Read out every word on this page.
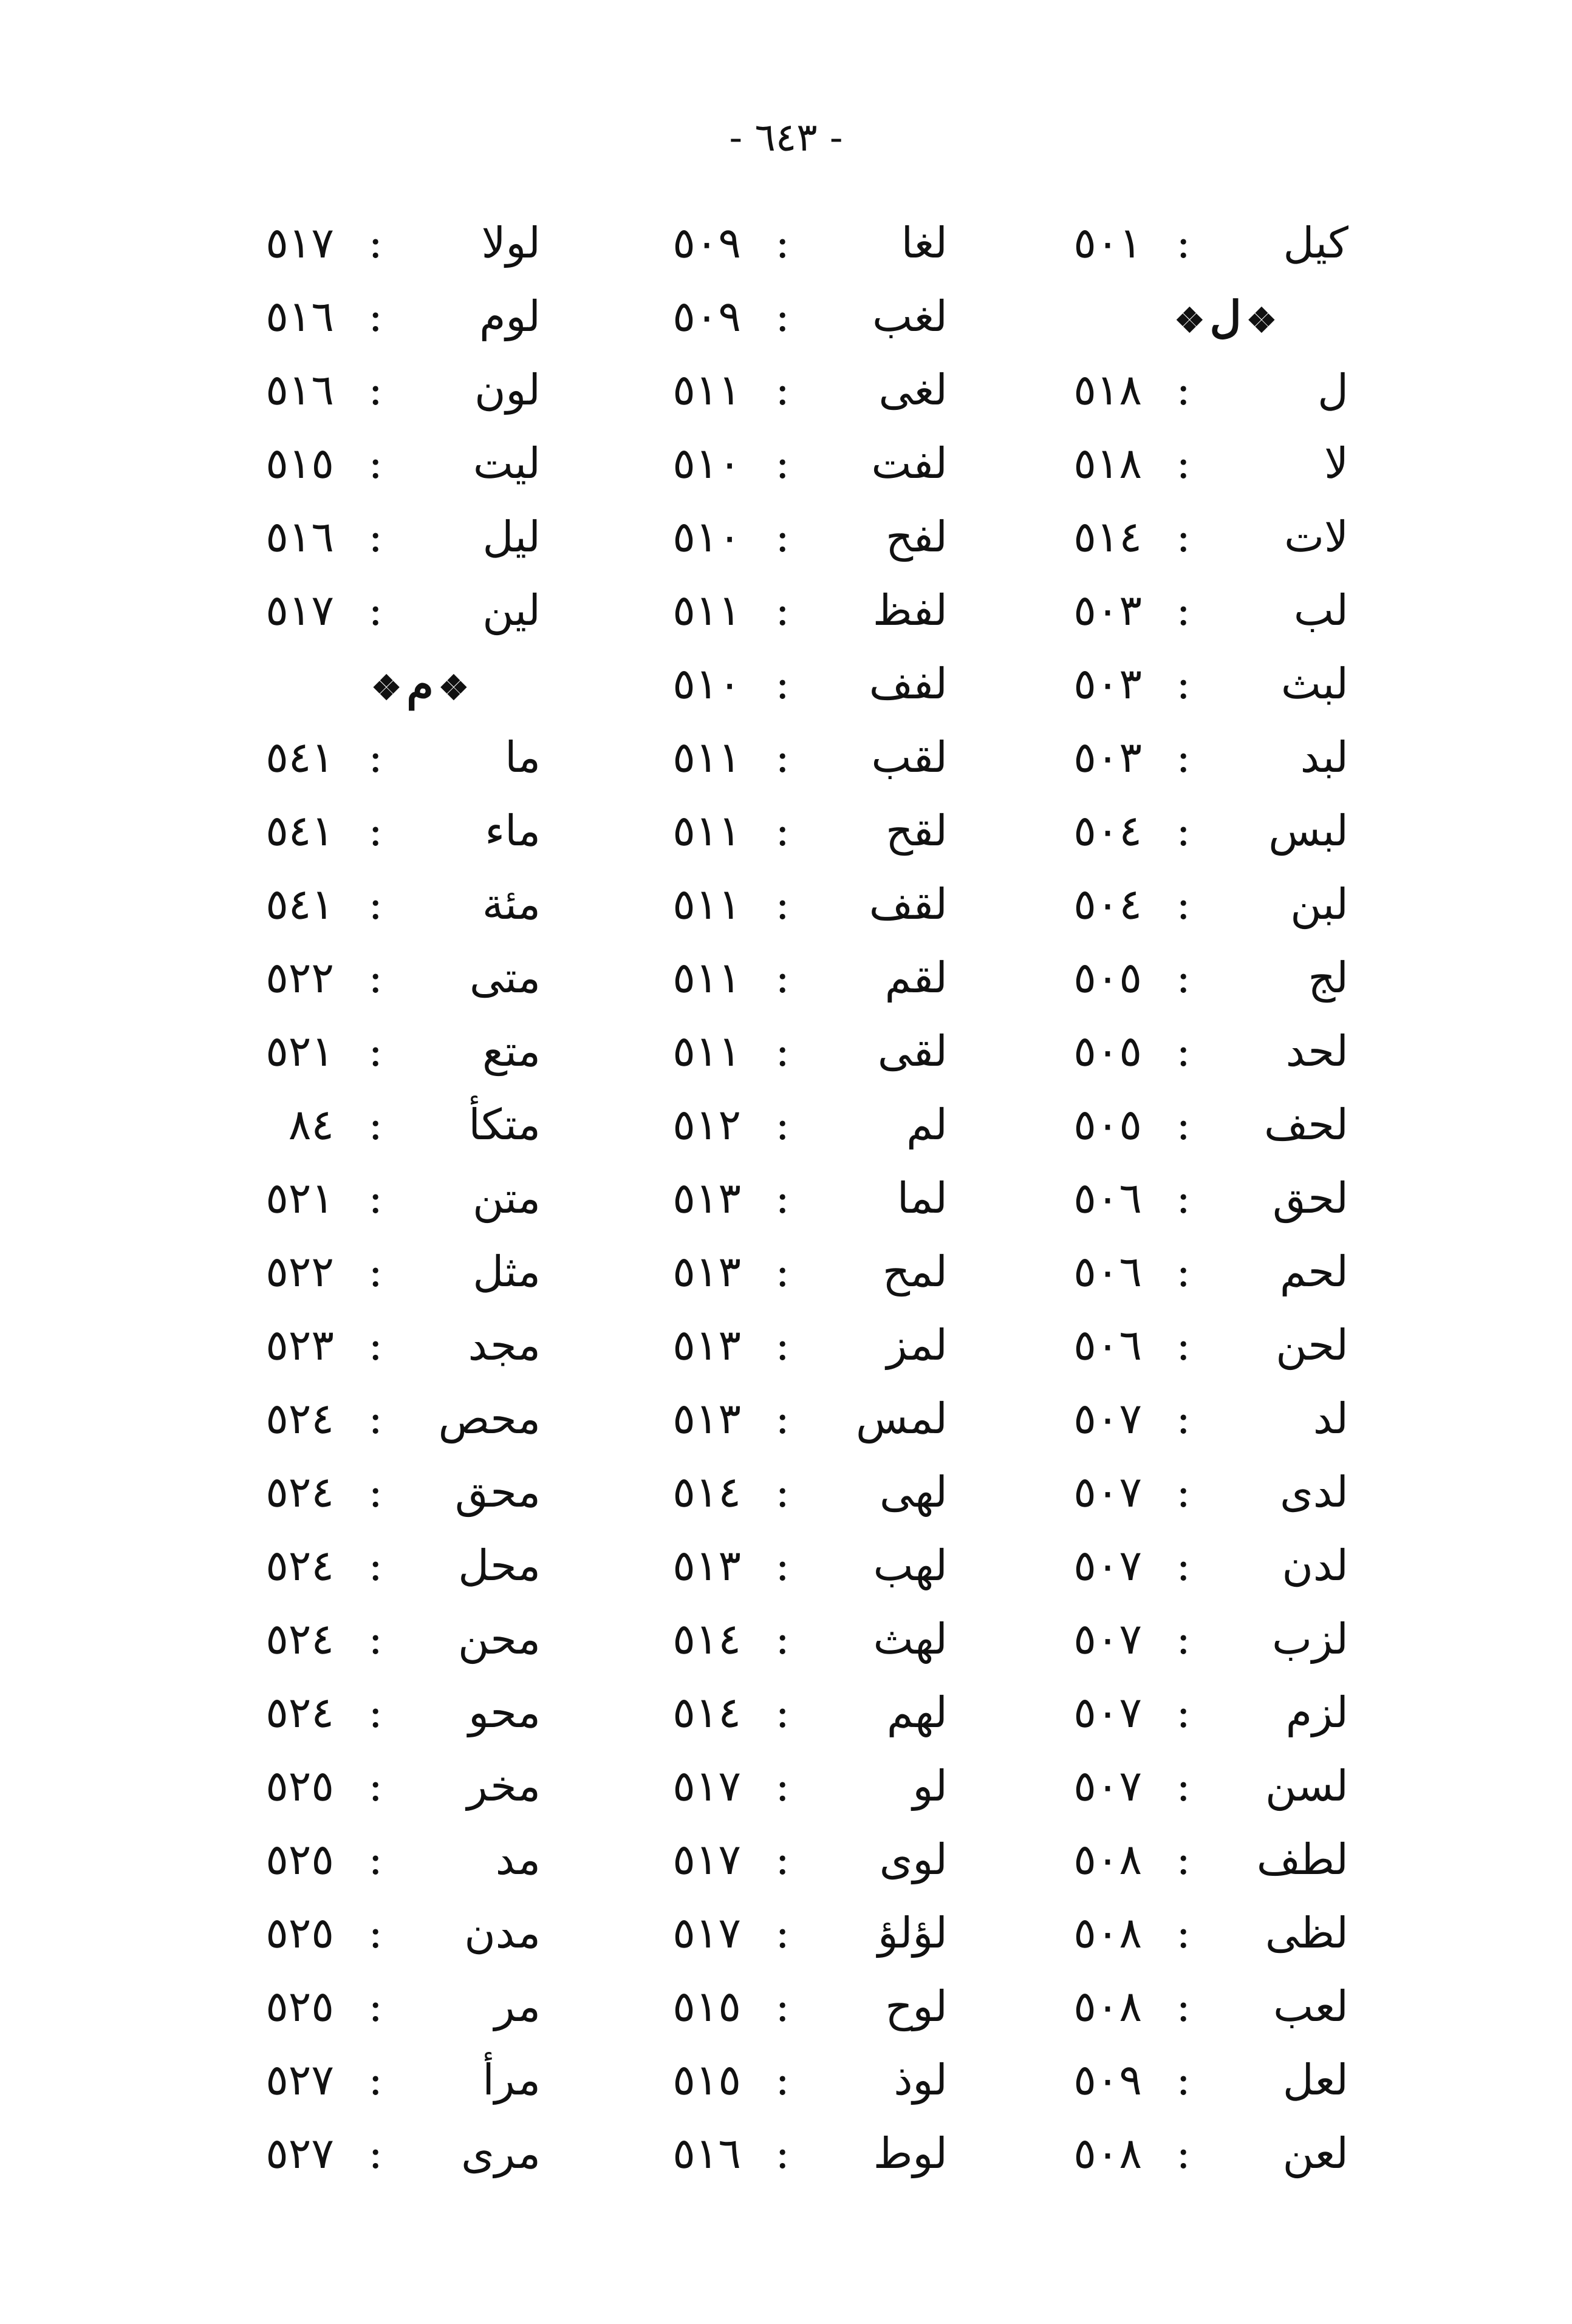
- ٦٤٣ -
كيل
:
٥٠١
❖ل❖
ل
:
٥١٨
لا
:
٥١٨
لات
:
٥١٤
لب
:
٥٠٣
لبث
:
٥٠٣
لبد
:
٥٠٣
لبس
:
٥٠٤
لبن
:
٥٠٤
لج
:
٥٠٥
لحد
:
٥٠٥
لحف
:
٥٠٥
لحق
:
٥٠٦
لحم
:
٥٠٦
لحن
:
٥٠٦
لد
:
٥٠٧
لدى
:
٥٠٧
لدن
:
٥٠٧
لزب
:
٥٠٧
لزم
:
٥٠٧
لسن
:
٥٠٧
لطف
:
٥٠٨
لظى
:
٥٠٨
لعب
:
٥٠٨
لعل
:
٥٠٩
لعن
:
٥٠٨
لغا
:
٥٠٩
لغب
:
٥٠٩
لغى
:
٥١١
لفت
:
٥١٠
لفح
:
٥١٠
لفظ
:
٥١١
لفف
:
٥١٠
لقب
:
٥١١
لقح
:
٥١١
لقف
:
٥١١
لقم
:
٥١١
لقى
:
٥١١
لم
:
٥١٢
لما
:
٥١٣
لمح
:
٥١٣
لمز
:
٥١٣
لمس
:
٥١٣
لهى
:
٥١٤
لهب
:
٥١٣
لهث
:
٥١٤
لهم
:
٥١٤
لو
:
٥١٧
لوى
:
٥١٧
لؤلؤ
:
٥١٧
لوح
:
٥١٥
لوذ
:
٥١٥
لوط
:
٥١٦
لولا
:
٥١٧
لوم
:
٥١٦
لون
:
٥١٦
ليت
:
٥١٥
ليل
:
٥١٦
لين
:
٥١٧
❖م❖
ما
:
٥٤١
ماء
:
٥٤١
مئة
:
٥٤١
متى
:
٥٢٢
متع
:
٥٢١
متكأ
:
٨٤
متن
:
٥٢١
مثل
:
٥٢٢
مجد
:
٥٢٣
محص
:
٥٢٤
محق
:
٥٢٤
محل
:
٥٢٤
محن
:
٥٢٤
محو
:
٥٢٤
مخر
:
٥٢٥
مد
:
٥٢٥
مدن
:
٥٢٥
مر
:
٥٢٥
مرأ
:
٥٢٧
مرى
:
٥٢٧
